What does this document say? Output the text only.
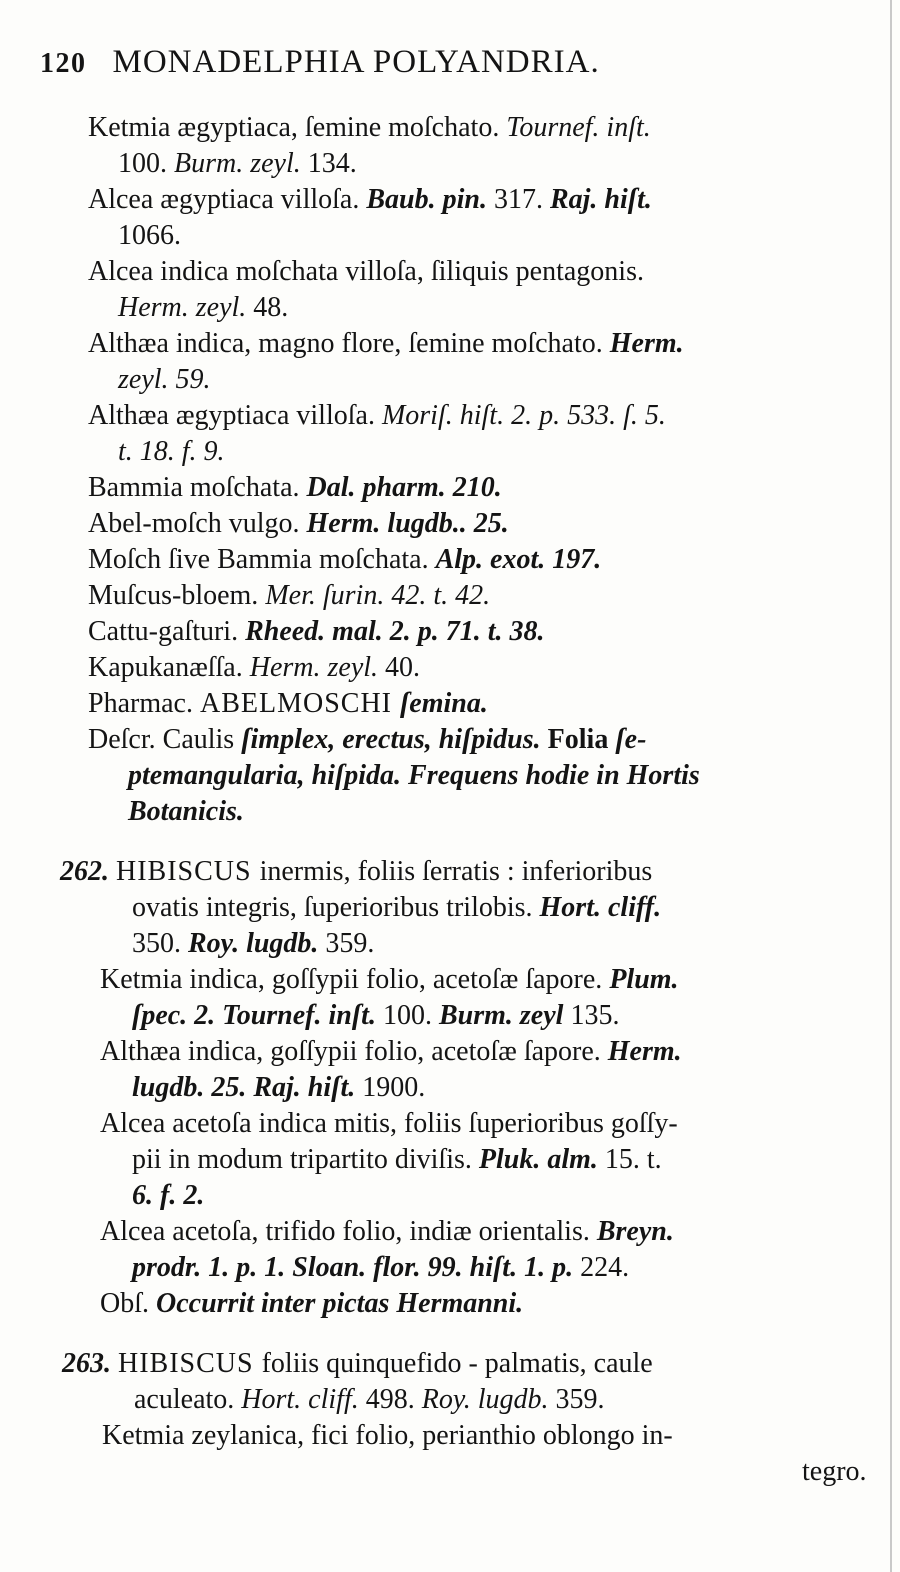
120 MONADELPHIA POLYANDRIA.
Ketmia ægyptiaca, ſemine moſchato. Tournef. inſt.
100. Burm. zeyl. 134.
Alcea ægyptiaca villoſa. Baub. pin. 317. Raj. hiſt.
1066.
Alcea indica moſchata villoſa, ſiliquis pentagonis.
Herm. zeyl. 48.
Althæa indica, magno flore, ſemine moſchato. Herm.
zeyl. 59.
Althæa ægyptiaca villoſa. Moriſ. hiſt. 2. p. 533. ſ. 5.
t. 18. f. 9.
Bammia moſchata. Dal. pharm. 210.
Abel-moſch vulgo. Herm. lugdb.. 25.
Moſch ſive Bammia moſchata. Alp. exot. 197.
Muſcus-bloem. Mer. ſurin. 42. t. 42.
Cattu-gaſturi. Rheed. mal. 2. p. 71. t. 38.
Kapukanæſſa. Herm. zeyl. 40.
Pharmac. ABELMOSCHI ſemina.
Deſcr. Caulis ſimplex, erectus, hiſpidus. Folia ſe-
ptemangularia, hiſpida. Frequens hodie in Hortis
Botanicis.
262. HIBISCUS inermis, foliis ſerratis : inferioribus
ovatis integris, ſuperioribus trilobis. Hort. cliff.
350. Roy. lugdb. 359.
Ketmia indica, goſſypii folio, acetoſæ ſapore. Plum.
ſpec. 2. Tournef. inſt. 100. Burm. zeyl 135.
Althæa indica, goſſypii folio, acetoſæ ſapore. Herm.
lugdb. 25. Raj. hiſt. 1900.
Alcea acetoſa indica mitis, foliis ſuperioribus goſſy-
pii in modum tripartito diviſis. Pluk. alm. 15. t.
6. f. 2.
Alcea acetoſa, trifido folio, indiæ orientalis. Breyn.
prodr. 1. p. 1. Sloan. flor. 99. hiſt. 1. p. 224.
Obſ. Occurrit inter pictas Hermanni.
263. HIBISCUS foliis quinquefido - palmatis, caule
aculeato. Hort. cliff. 498. Roy. lugdb. 359.
Ketmia zeylanica, fici folio, perianthio oblongo in-
tegro.
